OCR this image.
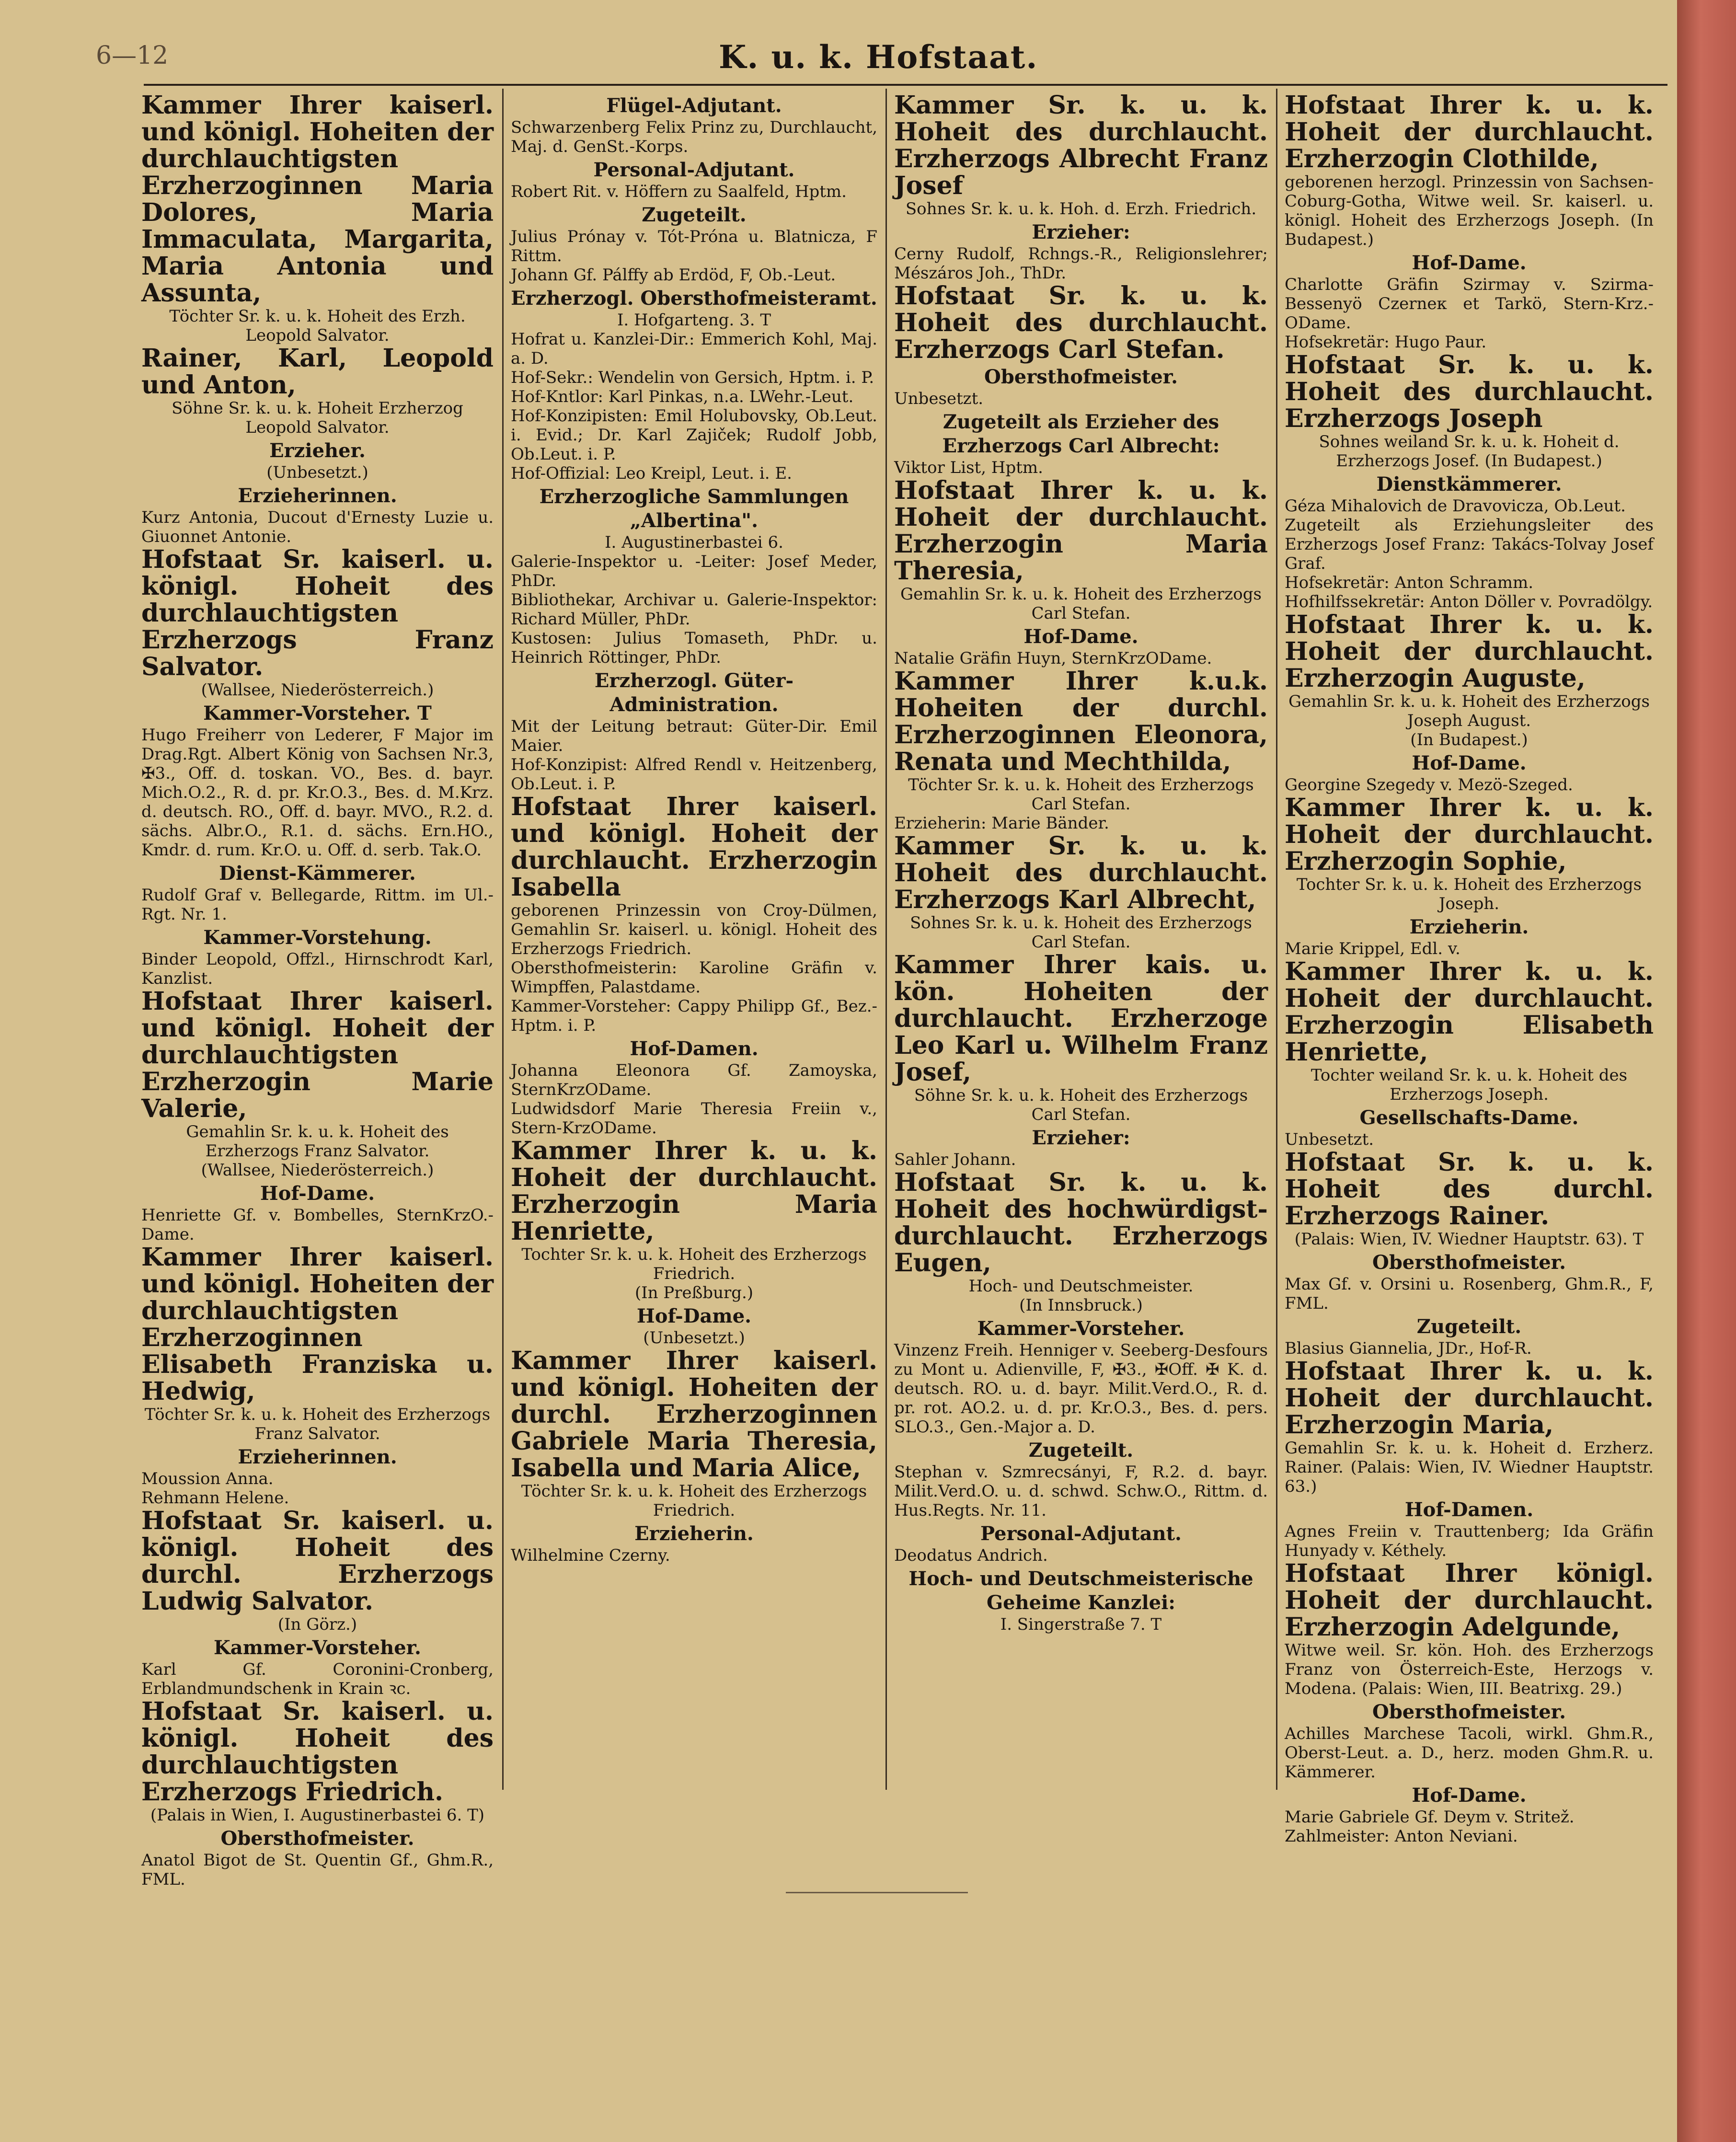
6—12	K. u. k. Hofstaat.
Kammer Ihrer kaiserl. und königl. Hoheiten der durchlauchtigsten Erzherzoginnen Maria Dolores, Maria Immaculata, Margarita, Maria Antonia und Assunta,
Töchter Sr. k. u. k. Hoheit des Erzh. Leopold Salvator.
Rainer, Karl, Leopold und Anton,
Söhne Sr. k. u. k. Hoheit Erzherzog Leopold Salvator.
Erzieher.
(Unbesetzt.)
Erzieherinnen.
Kurz Antonia, Ducout d'Ernesty Luzie u. Giuonnet Antonie.
Hofstaat Sr. kaiserl. u. königl. Hoheit des durchlauchtigsten Erzherzogs Franz Salvator.
(Wallsee, Niederösterreich.)
Kammer-Vorsteher. T
Hugo Freiherr von Lederer, F Major im Drag.Rgt. Albert König von Sachsen Nr.3, ✠3., Off. d. toskan. VO., Bes. d. bayr. Mich.O.2., R. d. pr. Kr.O.3., Bes. d. M.Krz. d. deutsch. RO., Off. d. bayr. MVO., R.2. d. sächs. Albr.O., R.1. d. sächs. Ern.HO., Kmdr. d. rum. Kr.O. u. Off. d. serb. Tak.O.
Dienst-Kämmerer.
Rudolf Graf v. Bellegarde, Rittm. im Ul.-Rgt. Nr. 1.
Kammer-Vorstehung.
Binder Leopold, Offzl., Hirnschrodt Karl, Kanzlist.
Hofstaat Ihrer kaiserl. und königl. Hoheit der durchlauchtigsten Erzherzogin Marie Valerie,
Gemahlin Sr. k. u. k. Hoheit des Erzherzogs Franz Salvator.
(Wallsee, Niederösterreich.)
Hof-Dame.
Henriette Gf. v. Bombelles, SternKrzO.-Dame.
Kammer Ihrer kaiserl. und königl. Hoheiten der durchlauchtigsten Erzherzoginnen Elisabeth Franziska u. Hedwig,
Töchter Sr. k. u. k. Hoheit des Erzherzogs Franz Salvator.
Erzieherinnen.
Moussion Anna.
Rehmann Helene.
Hofstaat Sr. kaiserl. u. königl. Hoheit des durchl. Erzherzogs Ludwig Salvator.
(In Görz.)
Kammer-Vorsteher.
Karl Gf. Coronini-Cronberg, Erblandmundschenk in Krain ꝛc.
Hofstaat Sr. kaiserl. u. königl. Hoheit des durchlauchtigsten Erzherzogs Friedrich.
(Palais in Wien, I. Augustinerbastei 6. T)
Obersthofmeister.
Anatol Bigot de St. Quentin Gf., Ghm.R., FML.
Flügel-Adjutant.
Schwarzenberg Felix Prinz zu, Durchlaucht, Maj. d. GenSt.-Korps.
Personal-Adjutant.
Robert Rit. v. Höffern zu Saalfeld, Hptm.
Zugeteilt.
Julius Prónay v. Tót-Próna u. Blatnicza, F Rittm.
Johann Gf. Pálffy ab Erdöd, F, Ob.-Leut.
Erzherzogl. Obersthofmeisteramt.
I. Hofgarteng. 3. T
Hofrat u. Kanzlei-Dir.: Emmerich Kohl, Maj. a. D.
Hof-Sekr.: Wendelin von Gersich, Hptm. i. P.
Hof-Kntlor: Karl Pinkas, n.a. LWehr.-Leut.
Hof-Konzipisten: Emil Holubovsky, Ob.Leut. i. Evid.; Dr. Karl Zajiček; Rudolf Jobb, Ob.Leut. i. P.
Hof-Offizial: Leo Kreipl, Leut. i. E.
Erzherzogliche Sammlungen „Albertina".
I. Augustinerbastei 6.
Galerie-Inspektor u. -Leiter: Josef Meder, PhDr.
Bibliothekar, Archivar u. Galerie-Inspektor: Richard Müller, PhDr.
Kustosen: Julius Tomaseth, PhDr. u. Heinrich Röttinger, PhDr.
Erzherzogl. Güter-Administration.
Mit der Leitung betraut: Güter-Dir. Emil Maier.
Hof-Konzipist: Alfred Rendl v. Heitzenberg, Ob.Leut. i. P.
Hofstaat Ihrer kaiserl. und königl. Hoheit der durchlaucht. Erzherzogin Isabella
geborenen Prinzessin von Croy-Dülmen, Gemahlin Sr. kaiserl. u. königl. Hoheit des Erzherzogs Friedrich.
Obersthofmeisterin: Karoline Gräfin v. Wimpffen, Palastdame.
Kammer-Vorsteher: Cappy Philipp Gf., Bez.-Hptm. i. P.
Hof-Damen.
Johanna Eleonora Gf. Zamoyska, SternKrzODame.
Ludwidsdorf Marie Theresia Freiin v., Stern-KrzODame.
Kammer Ihrer k. u. k. Hoheit der durchlaucht. Erzherzogin Maria Henriette,
Tochter Sr. k. u. k. Hoheit des Erzherzogs Friedrich.
(In Preßburg.)
Hof-Dame.
(Unbesetzt.)
Kammer Ihrer kaiserl. und königl. Hoheiten der durchl. Erzherzoginnen Gabriele Maria Theresia, Isabella und Maria Alice,
Töchter Sr. k. u. k. Hoheit des Erzherzogs Friedrich.
Erzieherin.
Wilhelmine Czerny.
Kammer Sr. k. u. k. Hoheit des durchlaucht. Erzherzogs Albrecht Franz Josef
Sohnes Sr. k. u. k. Hoh. d. Erzh. Friedrich.
Erzieher:
Cerny Rudolf, Rchngs.-R., Religionslehrer; Mészáros Joh., ThDr.
Hofstaat Sr. k. u. k. Hoheit des durchlaucht. Erzherzogs Carl Stefan.
Obersthofmeister.
Unbesetzt.
Zugeteilt als Erzieher des Erzherzogs Carl Albrecht:
Viktor List, Hptm.
Hofstaat Ihrer k. u. k. Hoheit der durchlaucht. Erzherzogin Maria Theresia,
Gemahlin Sr. k. u. k. Hoheit des Erzherzogs Carl Stefan.
Hof-Dame.
Natalie Gräfin Huyn, SternKrzODame.
Kammer Ihrer k.u.k. Hoheiten der durchl. Erzherzoginnen Eleonora, Renata und Mechthilda,
Töchter Sr. k. u. k. Hoheit des Erzherzogs Carl Stefan.
Erzieherin: Marie Bänder.
Kammer Sr. k. u. k. Hoheit des durchlaucht. Erzherzogs Karl Albrecht,
Sohnes Sr. k. u. k. Hoheit des Erzherzogs Carl Stefan.
Kammer Ihrer kais. u. kön. Hoheiten der durchlaucht. Erzherzoge Leo Karl u. Wilhelm Franz Josef,
Söhne Sr. k. u. k. Hoheit des Erzherzogs Carl Stefan.
Erzieher:
Sahler Johann.
Hofstaat Sr. k. u. k. Hoheit des hochwürdigst-durchlaucht. Erzherzogs Eugen,
Hoch- und Deutschmeister.
(In Innsbruck.)
Kammer-Vorsteher.
Vinzenz Freih. Henniger v. Seeberg-Desfours zu Mont u. Adienville, F, ✠3., ✠Off. ✠ K. d. deutsch. RO. u. d. bayr. Milit.Verd.O., R. d. pr. rot. AO.2. u. d. pr. Kr.O.3., Bes. d. pers. SLO.3., Gen.-Major a. D.
Zugeteilt.
Stephan v. Szmrecsányi, F, R.2. d. bayr. Milit.Verd.O. u. d. schwd. Schw.O., Rittm. d. Hus.Regts. Nr. 11.
Personal-Adjutant.
Deodatus Andrich.
Hoch- und Deutschmeisterische Geheime Kanzlei:
I. Singerstraße 7. T
Hofstaat Ihrer k. u. k. Hoheit der durchlaucht. Erzherzogin Clothilde,
geborenen herzogl. Prinzessin von Sachsen-Coburg-Gotha, Witwe weil. Sr. kaiserl. u. königl. Hoheit des Erzherzogs Joseph. (In Budapest.)
Hof-Dame.
Charlotte Gräfin Szirmay v. Szirma-Bessenyö Czerneк et Tarkö, Stern-Krz.-ODame.
Hofsekretär: Hugo Paur.
Hofstaat Sr. k. u. k. Hoheit des durchlaucht. Erzherzogs Joseph
Sohnes weiland Sr. k. u. k. Hoheit d. Erzherzogs Josef. (In Budapest.)
Dienstkämmerer.
Géza Mihalovich de Dravovicza, Ob.Leut.
Zugeteilt als Erziehungsleiter des Erzherzogs Josef Franz: Takács-Tolvay Josef Graf.
Hofsekretär: Anton Schramm.
Hofhilfssekretär: Anton Döller v. Povradölgy.
Hofstaat Ihrer k. u. k. Hoheit der durchlaucht. Erzherzogin Auguste,
Gemahlin Sr. k. u. k. Hoheit des Erzherzogs Joseph August.
(In Budapest.)
Hof-Dame.
Georgine Szegedy v. Mezö-Szeged.
Kammer Ihrer k. u. k. Hoheit der durchlaucht. Erzherzogin Sophie,
Tochter Sr. k. u. k. Hoheit des Erzherzogs Joseph.
Erzieherin.
Marie Krippel, Edl. v.
Kammer Ihrer k. u. k. Hoheit der durchlaucht. Erzherzogin Elisabeth Henriette,
Tochter weiland Sr. k. u. k. Hoheit des Erzherzogs Joseph.
Gesellschafts-Dame.
Unbesetzt.
Hofstaat Sr. k. u. k. Hoheit des durchl. Erzherzogs Rainer.
(Palais: Wien, IV. Wiedner Hauptstr. 63). T
Obersthofmeister.
Max Gf. v. Orsini u. Rosenberg, Ghm.R., F, FML.
Zugeteilt.
Blasius Giannelia, JDr., Hof-R.
Hofstaat Ihrer k. u. k. Hoheit der durchlaucht. Erzherzogin Maria,
Gemahlin Sr. k. u. k. Hoheit d. Erzherz. Rainer. (Palais: Wien, IV. Wiedner Hauptstr. 63.)
Hof-Damen.
Agnes Freiin v. Trauttenberg; Ida Gräfin Hunyady v. Kéthely.
Hofstaat Ihrer königl. Hoheit der durchlaucht. Erzherzogin Adelgunde,
Witwe weil. Sr. kön. Hoh. des Erzherzogs Franz von Österreich-Este, Herzogs v. Modena. (Palais: Wien, III. Beatrixg. 29.)
Obersthofmeister.
Achilles Marchese Tacoli, wirkl. Ghm.R., Oberst-Leut. a. D., herz. moden Ghm.R. u. Kämmerer.
Hof-Dame.
Marie Gabriele Gf. Deym v. Stritež.
Zahlmeister: Anton Neviani.
